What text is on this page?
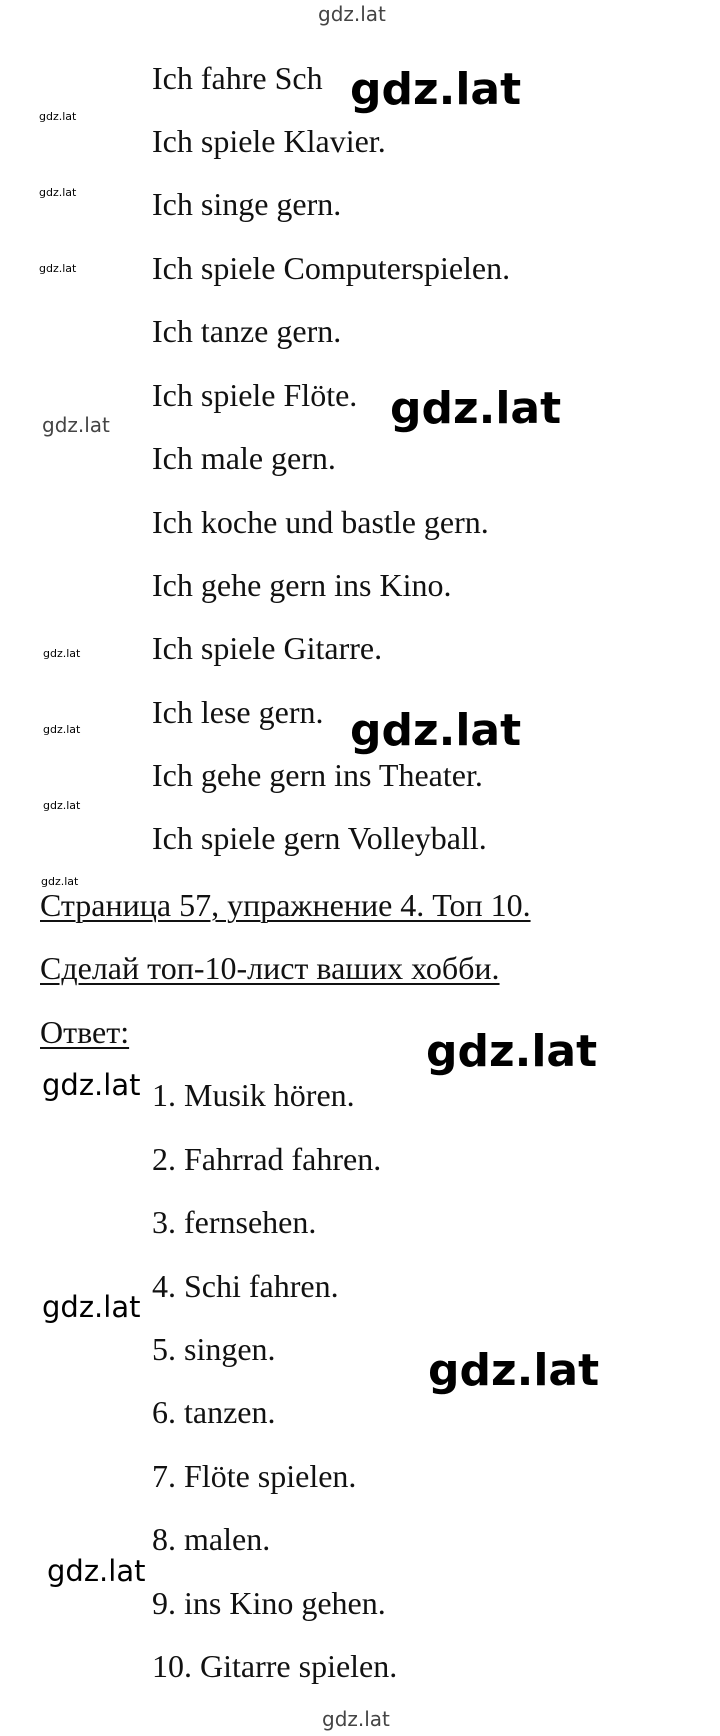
Ich fahre Sch
Ich spiele Klavier.
Ich singe gern.
Ich spiele Computerspielen.
Ich tanze gern.
Ich spiele Flöte.
Ich male gern.
Ich koche und bastle gern.
Ich gehe gern ins Kino.
Ich spiele Gitarre.
Ich lese gern.
Ich gehe gern ins Theater.
Ich spiele gern Volleyball.
Страница 57, упражнение 4. Топ 10.
Сделай топ-10-лист ваших хобби.
Ответ:
1. Musik hören.
2. Fahrrad fahren.
3. fernsehen.
4. Schi fahren.
5. singen.
6. tanzen.
7. Flöte spielen.
8. malen.
9. ins Kino gehen.
10. Gitarre spielen.
gdz.lat
gdz.lat
gdz.lat
gdz.lat
gdz.lat
gdz.lat
gdz.lat
gdz.lat
gdz.lat
gdz.lat
gdz.lat
gdz.lat
gdz.lat
gdz.lat
gdz.lat
gdz.lat
gdz.lat
gdz.lat
